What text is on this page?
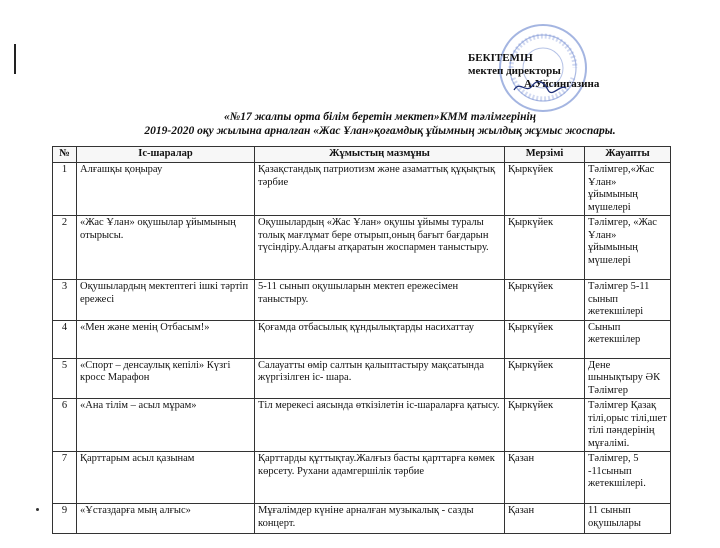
БЕКІТЕМІН
мектеп директоры
А.Уйсингазина
«№17 жалпы орта білім беретін мектеп»КММ тәлімгерінің
2019-2020 оқу жылына арналған «Жас Ұлан»қоғамдық ұйымның жылдық жұмыс жоспары.
№	Іс-шаралар	Жұмыстың мазмұны	Мерзімі	Жауапты
1	Алғашқы қоңырау	Қазақстандық патриотизм және азаматтық құқықтық тәрбие	Қыркүйек	Тәлімгер,«Жас Ұлан» ұйымының мүшелері
2	«Жас Ұлан» оқушылар ұйымының отырысы.	Оқушылардың «Жас Ұлан» оқушы ұйымы туралы толық мағлұмат бере отырып,оның бағыт бағдарын түсіндіру.Алдағы атқаратын жоспармен таныстыру.	Қыркүйек	Тәлімгер, «Жас Ұлан» ұйымының мүшелері
3	Оқушылардың мектептегі ішкі тәртіп ережесі	5-11 сынып оқушыларын мектеп ережесімен таныстыру.	Қыркүйек	Тәлімгер 5-11 сынып жетекшілері
4	«Мен және менің Отбасым!»	Қоғамда отбасылық құндылықтарды насихаттау	Қыркүйек	Сынып жетекшілер
5	«Спорт – денсаулық кепілі» Күзгі кросс Марафон	Салауатты өмір салтын қалыптастыру мақсатында жүргізілген іс- шара.	Қыркүйек	Дене шынықтыру ӘК Тәлімгер
6	«Ана тілім – асыл мұрам»	Тіл мерекесі аясында өткізілетін іс-шараларға қатысу.	Қыркүйек	Тәлімгер Қазақ тілі,орыс тілі,шет тілі пәндерінің мұғалімі.
7	Қарттарым асыл қазынам	Қарттарды құттықтау.Жалғыз басты қарттарға көмек көрсету. Рухани адамгершілік тәрбие	Қазан	Тәлімгер, 5 -11сынып жетекшілері.
9	«Ұстаздарға мың алғыс»	Мұғалімдер күніне арналған музыкалық - сазды концерт.	Қазан	11 сынып оқушылары
